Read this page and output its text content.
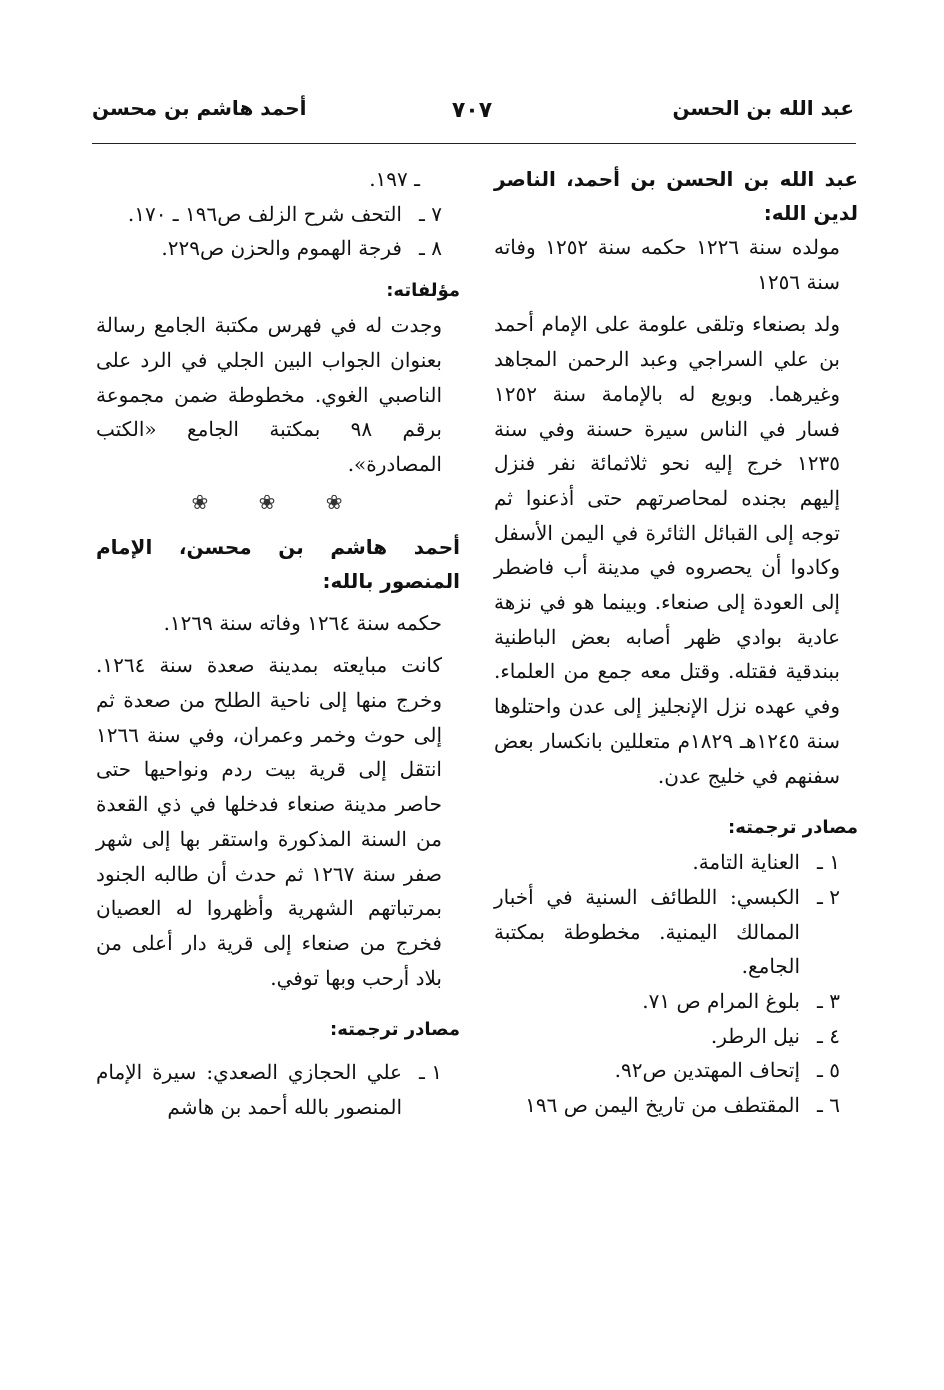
عبد الله بن الحسن
٧٠٧
أحمد هاشم بن محسن
عبد الله بن الحسن بن أحمد، الناصر لدين الله:

مولده سنة ١٢٢٦ حكمه سنة ١٢٥٢ وفاته سنة ١٢٥٦

ولد بصنعاء وتلقى علومة على الإمام أحمد بن علي السراجي وعبد الرحمن المجاهد وغيرهما. وبويع له بالإمامة سنة ١٢٥٢ فسار في الناس سيرة حسنة وفي سنة ١٢٣٥ خرج إليه نحو ثلاثمائة نفر فنزل إليهم بجنده لمحاصرتهم حتى أذعنوا ثم توجه إلى القبائل الثائرة في اليمن الأسفل وكادوا أن يحصروه في مدينة أب فاضطر إلى العودة إلى صنعاء. وبينما هو في نزهة عادية بوادي ظهر أصابه بعض الباطنية ببندقية فقتله. وقتل معه جمع من العلماء. وفي عهده نزل الإنجليز إلى عدن واحتلوها سنة ١٢٤٥هـ ١٨٢٩م متعللين بانكسار بعض سفنهم في خليج عدن.

مصادر ترجمته:
١ ـ
العناية التامة.
٢ ـ
الكبسي: اللطائف السنية في أخبار الممالك اليمنية. مخطوطة بمكتبة الجامع.
٣ ـ
بلوغ المرام ص ٧١.
٤ ـ
نيل الرطر.
٥ ـ
إتحاف المهتدين ص٩٢.
٦ ـ
المقتطف من تاريخ اليمن ص ١٩٦

ـ ١٩٧.

٧ ـ
التحف شرح الزلف ص١٩٦ ـ ١٧٠.
٨ ـ
فرجة الهموم والحزن ص٢٢٩.
مؤلفاته:

وجدت له في فهرس مكتبة الجامع رسالة بعنوان الجواب البين الجلي في الرد على الناصبي الغوي. مخطوطة ضمن مجموعة برقم ٩٨ بمكتبة الجامع «الكتب المصادرة».

❀ ❀ ❀
أحمد هاشم بن محسن، الإمام المنصور بالله:

حكمه سنة ١٢٦٤ وفاته سنة ١٢٦٩.

كانت مبايعته بمدينة صعدة سنة ١٢٦٤. وخرج منها إلى ناحية الطلح من صعدة ثم إلى حوث وخمر وعمران، وفي سنة ١٢٦٦ انتقل إلى قرية بيت ردم ونواحيها حتى حاصر مدينة صنعاء فدخلها في ذي القعدة من السنة المذكورة واستقر بها إلى شهر صفر سنة ١٢٦٧ ثم حدث أن طالبه الجنود بمرتباتهم الشهرية وأظهروا له العصيان فخرج من صنعاء إلى قرية دار أعلى من بلاد أرحب وبها توفي.

مصادر ترجمته:
١ ـ
علي الحجازي الصعدي: سيرة الإمام المنصور بالله أحمد بن هاشم
